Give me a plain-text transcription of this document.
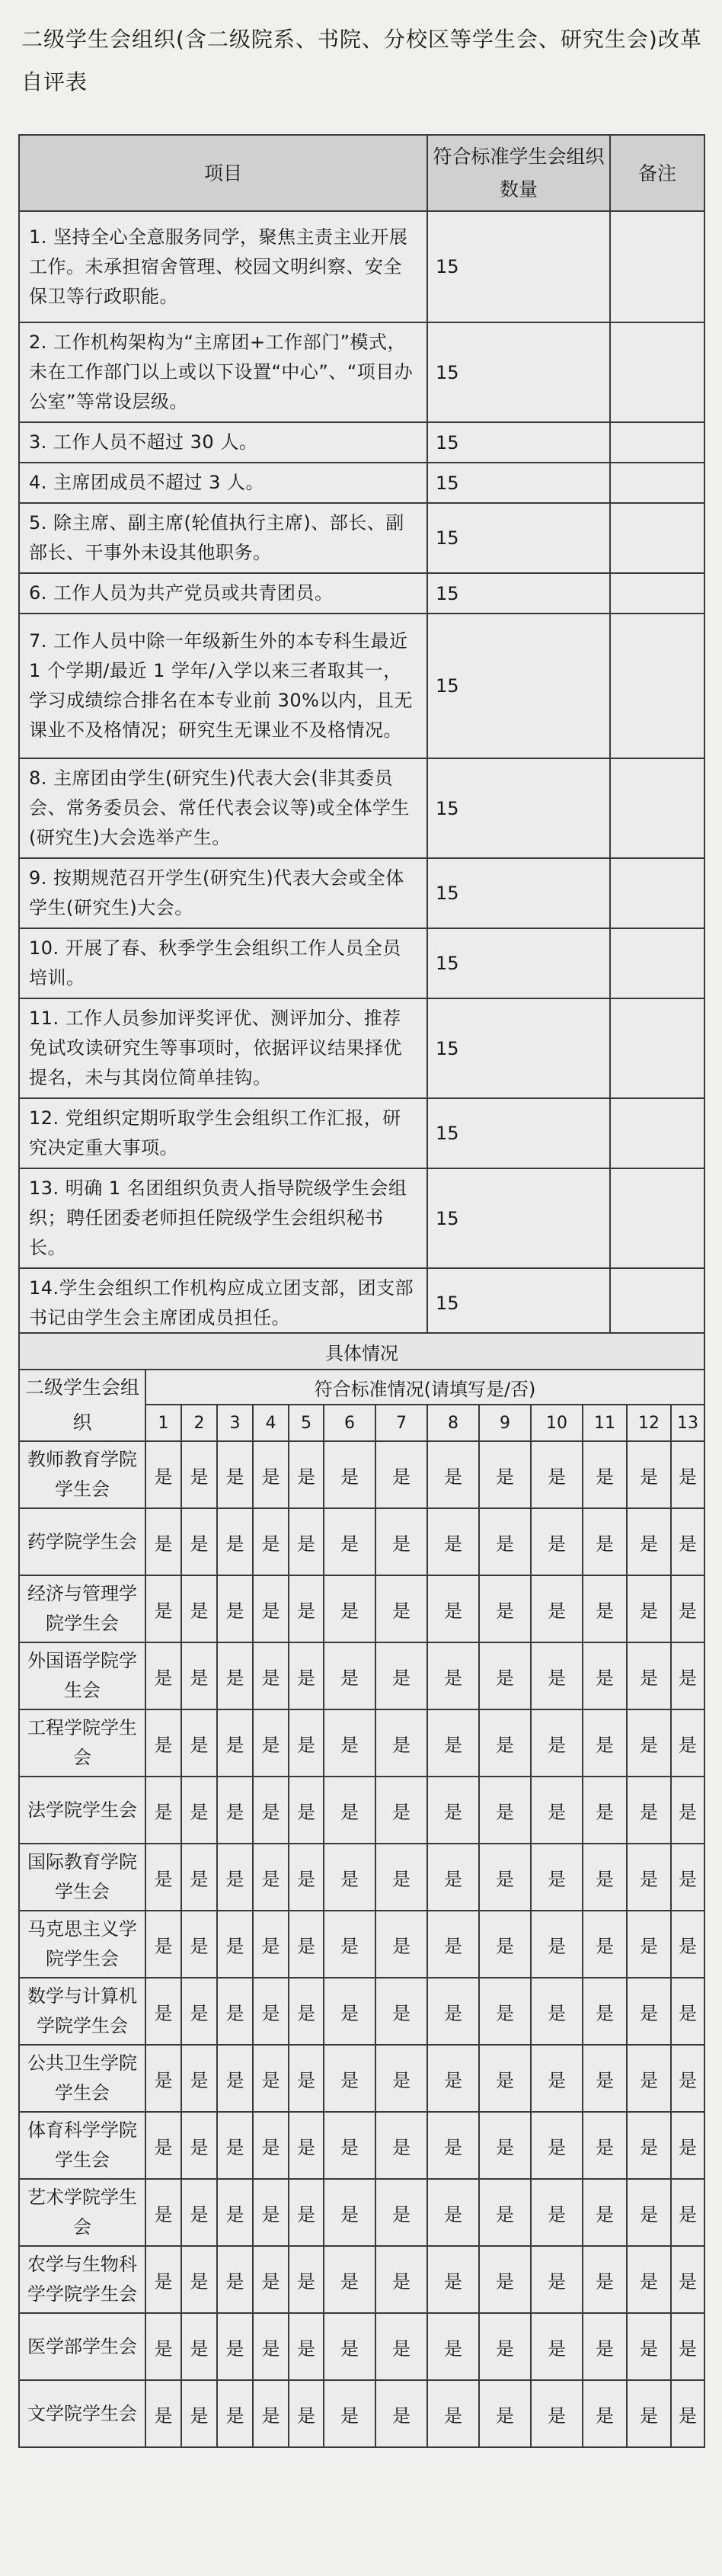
二级学生会组织(含二级院系、书院、分校区等学生会、研究生会)改革自评表
项目	符合标准学生会组织数量	备注
1. 坚持全心全意服务同学，聚焦主责主业开展工作。未承担宿舍管理、校园文明纠察、安全保卫等行政职能。	15	
2. 工作机构架构为“主席团+工作部门”模式，未在工作部门以上或以下设置“中心”、“项目办公室”等常设层级。	15	
3. 工作人员不超过 30 人。	15	
4. 主席团成员不超过 3 人。	15	
5. 除主席、副主席(轮值执行主席)、部长、副部长、干事外未设其他职务。	15	
6. 工作人员为共产党员或共青团员。	15	
7. 工作人员中除一年级新生外的本专科生最近 1 个学期/最近 1 学年/入学以来三者取其一，学习成绩综合排名在本专业前 30%以内，且无课业不及格情况；研究生无课业不及格情况。	15	
8. 主席团由学生(研究生)代表大会(非其委员会、常务委员会、常任代表会议等)或全体学生(研究生)大会选举产生。	15	
9. 按期规范召开学生(研究生)代表大会或全体学生(研究生)大会。	15	
10. 开展了春、秋季学生会组织工作人员全员培训。	15	
11. 工作人员参加评奖评优、测评加分、推荐免试攻读研究生等事项时，依据评议结果择优提名，未与其岗位简单挂钩。	15	
12. 党组织定期听取学生会组织工作汇报，研究决定重大事项。	15	
13. 明确 1 名团组织负责人指导院级学生会组织；聘任团委老师担任院级学生会组织秘书长。	15	
14.学生会组织工作机构应成立团支部，团支部书记由学生会主席团成员担任。	15	
具体情况													
二级学生会组织	符合标准情况(请填写是/否)												
	1	2	3	4	5	6	7	8	9	10	11	12	13
教师教育学院学生会	是	是	是	是	是	是	是	是	是	是	是	是	是
药学院学生会	是	是	是	是	是	是	是	是	是	是	是	是	是
经济与管理学院学生会	是	是	是	是	是	是	是	是	是	是	是	是	是
外国语学院学生会	是	是	是	是	是	是	是	是	是	是	是	是	是
工程学院学生会	是	是	是	是	是	是	是	是	是	是	是	是	是
法学院学生会	是	是	是	是	是	是	是	是	是	是	是	是	是
国际教育学院学生会	是	是	是	是	是	是	是	是	是	是	是	是	是
马克思主义学院学生会	是	是	是	是	是	是	是	是	是	是	是	是	是
数学与计算机学院学生会	是	是	是	是	是	是	是	是	是	是	是	是	是
公共卫生学院学生会	是	是	是	是	是	是	是	是	是	是	是	是	是
体育科学学院学生会	是	是	是	是	是	是	是	是	是	是	是	是	是
艺术学院学生会	是	是	是	是	是	是	是	是	是	是	是	是	是
农学与生物科学学院学生会	是	是	是	是	是	是	是	是	是	是	是	是	是
医学部学生会	是	是	是	是	是	是	是	是	是	是	是	是	是
文学院学生会	是	是	是	是	是	是	是	是	是	是	是	是	是
